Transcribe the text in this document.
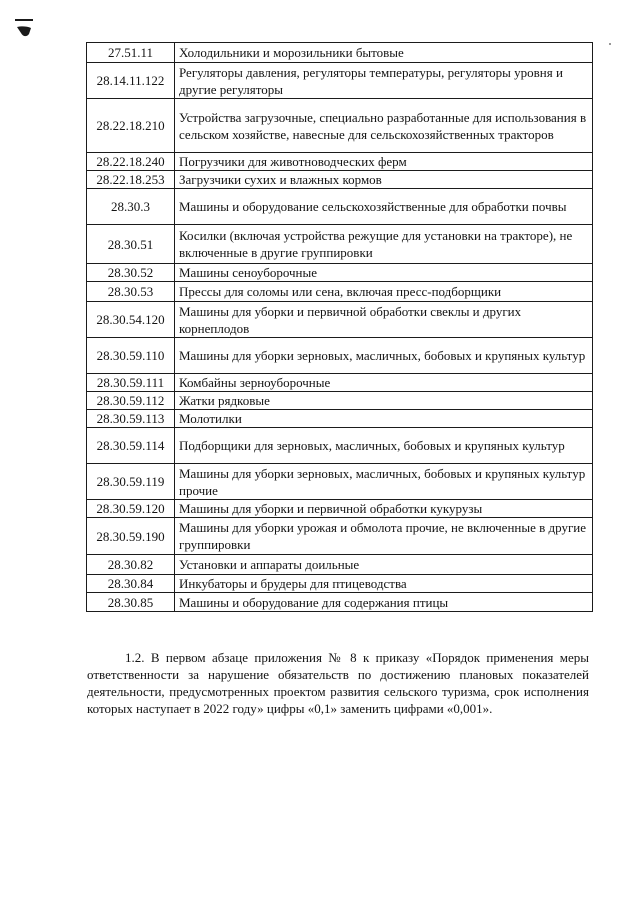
27.51.11	Холодильники и морозильники бытовые
28.14.11.122	Регуляторы давления, регуляторы температуры, регуляторы уровня и другие регуляторы
28.22.18.210	Устройства загрузочные, специально разработанные для использования в сельском хозяйстве, навесные для сельскохозяйственных тракторов
28.22.18.240	Погрузчики для животноводческих ферм
28.22.18.253	Загрузчики сухих и влажных кормов
28.30.3	Машины и оборудование сельскохозяйственные для обработки почвы
28.30.51	Косилки (включая устройства режущие для установки на тракторе), не включенные в другие группировки
28.30.52	Машины сеноуборочные
28.30.53	Прессы для соломы или сена, включая пресс-подборщики
28.30.54.120	Машины для уборки и первичной обработки свеклы и других корнеплодов
28.30.59.110	Машины для уборки зерновых, масличных, бобовых и крупяных культур
28.30.59.111	Комбайны зерноуборочные
28.30.59.112	Жатки рядковые
28.30.59.113	Молотилки
28.30.59.114	Подборщики для зерновых, масличных, бобовых и крупяных культур
28.30.59.119	Машины для уборки зерновых, масличных, бобовых и крупяных культур прочие
28.30.59.120	Машины для уборки и первичной обработки кукурузы
28.30.59.190	Машины для уборки урожая и обмолота прочие, не включенные в другие группировки
28.30.82	Установки и аппараты доильные
28.30.84	Инкубаторы и брудеры для птицеводства
28.30.85	Машины и оборудование для содержания птицы

1.2. В первом абзаце приложения № 8 к приказу «Порядок применения меры ответственности за нарушение обязательств по достижению плановых показателей деятельности, предусмотренных проектом развития сельского туризма, срок исполнения которых наступает в 2022 году» цифры «0,1» заменить цифрами «0,001».
